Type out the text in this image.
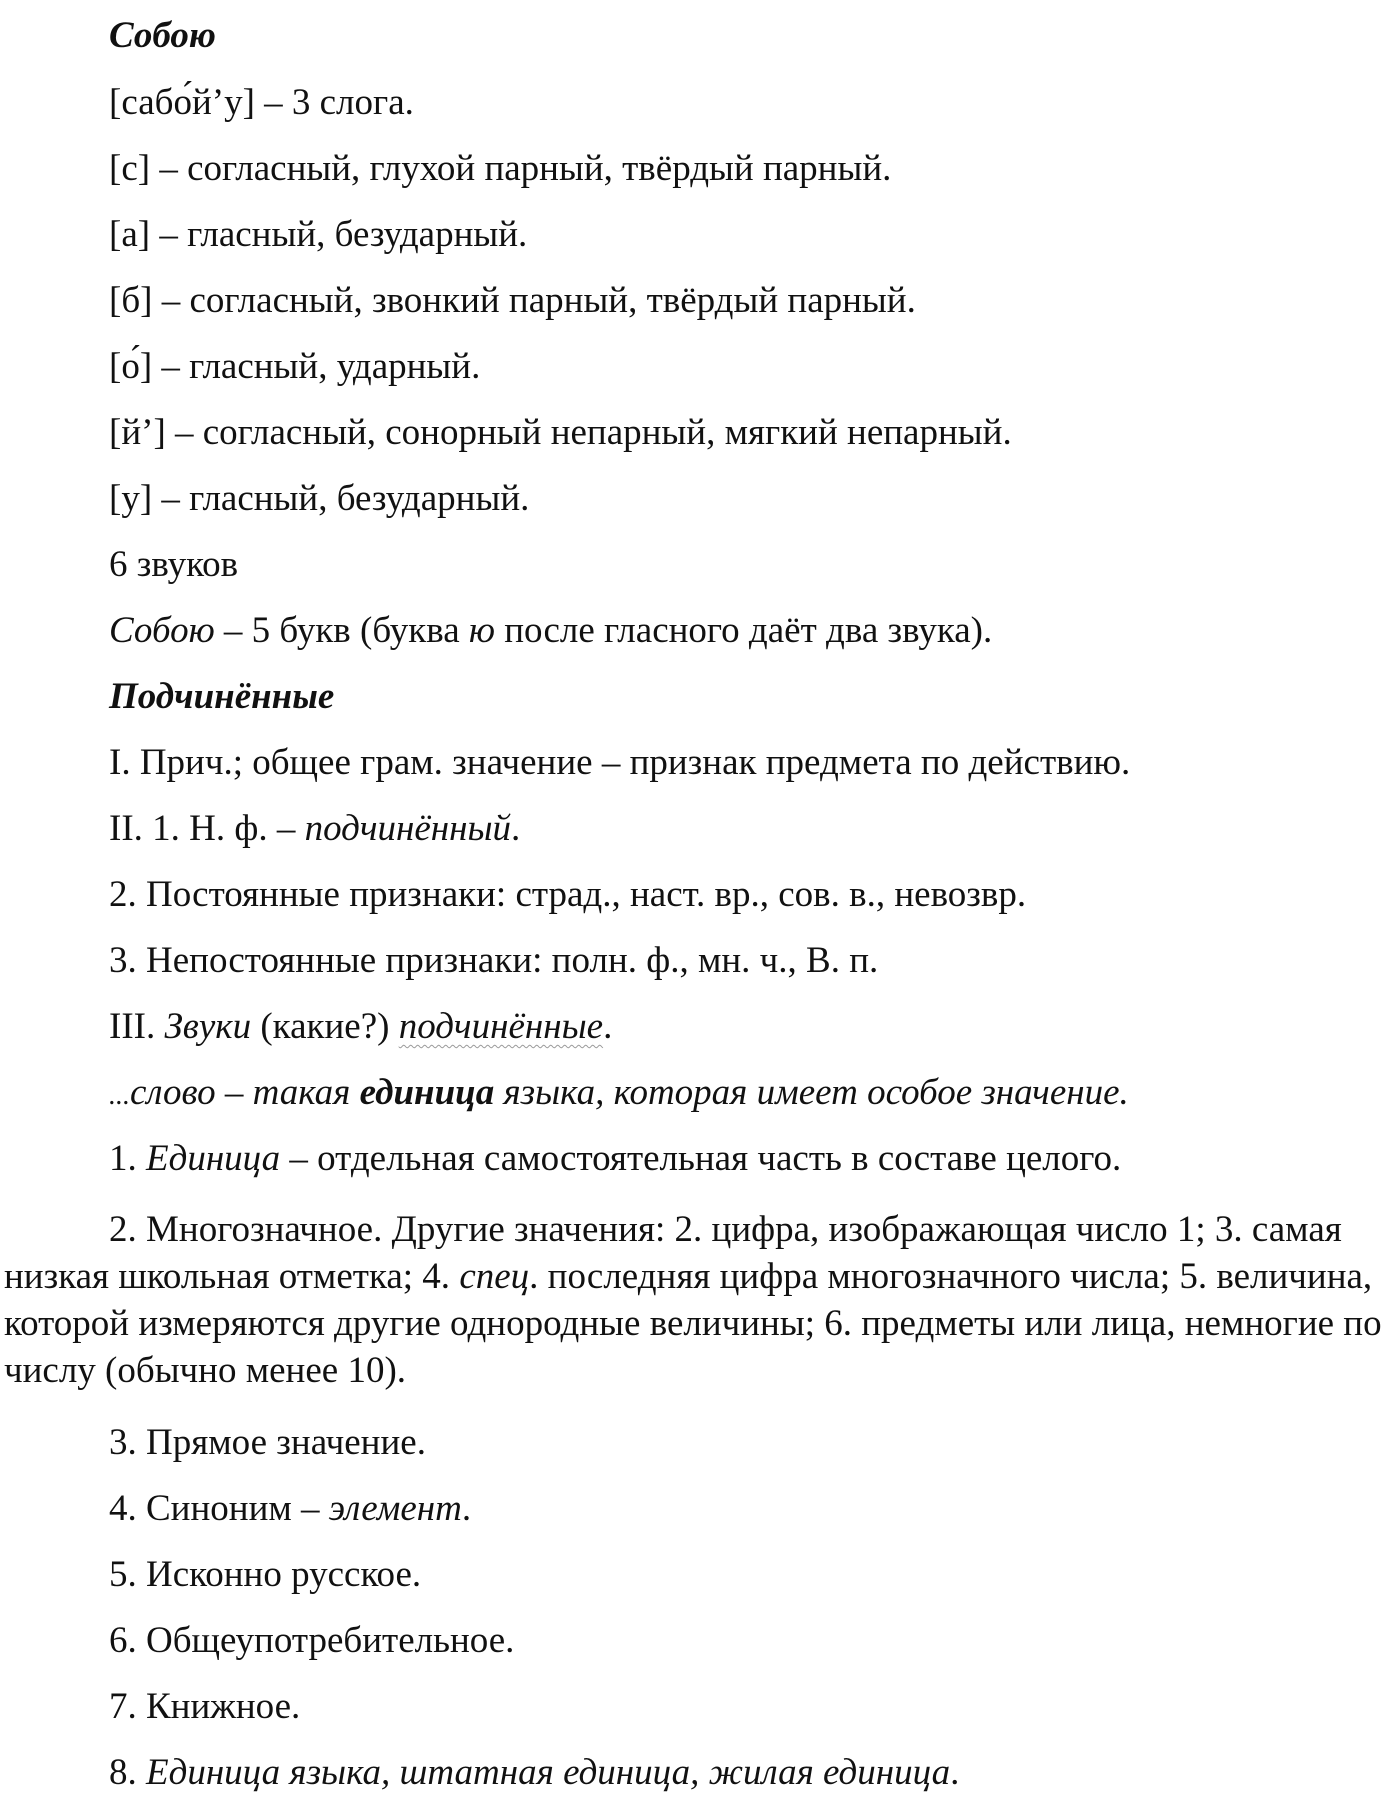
Собою
[сабо́й’у] – 3 слога.
[с] – согласный, глухой парный, твёрдый парный.
[а] – гласный, безударный.
[б] – согласный, звонкий парный, твёрдый парный.
[о́] – гласный, ударный.
[й’] – согласный, сонорный непарный, мягкий непарный.
[у] – гласный, безударный.
6 звуков
Собою – 5 букв (буква ю после гласного даёт два звука).
Подчинённые
I. Прич.; общее грам. значение – признак предмета по действию.
II. 1. Н. ф. – подчинённый.
2. Постоянные признаки: страд., наст. вр., сов. в., невозвр.
3. Непостоянные признаки: полн. ф., мн. ч., В. п.
III. Звуки (какие?) подчинённые.
...слово – такая единица языка, которая имеет особое значение.
1. Единица – отдельная самостоятельная часть в составе целого.

2. Многозначное. Другие значения: 2. цифра, изображающая число 1; 3. самая низкая школьная отметка; 4. спец. последняя цифра многозначного числа; 5. величина, которой измеряются другие однородные величины; 6. предметы или лица, немногие по числу (обычно менее 10).

3. Прямое значение.
4. Синоним – элемент.
5. Исконно русское.
6. Общеупотребительное.
7. Книжное.
8. Единица языка, штатная единица, жилая единица.
